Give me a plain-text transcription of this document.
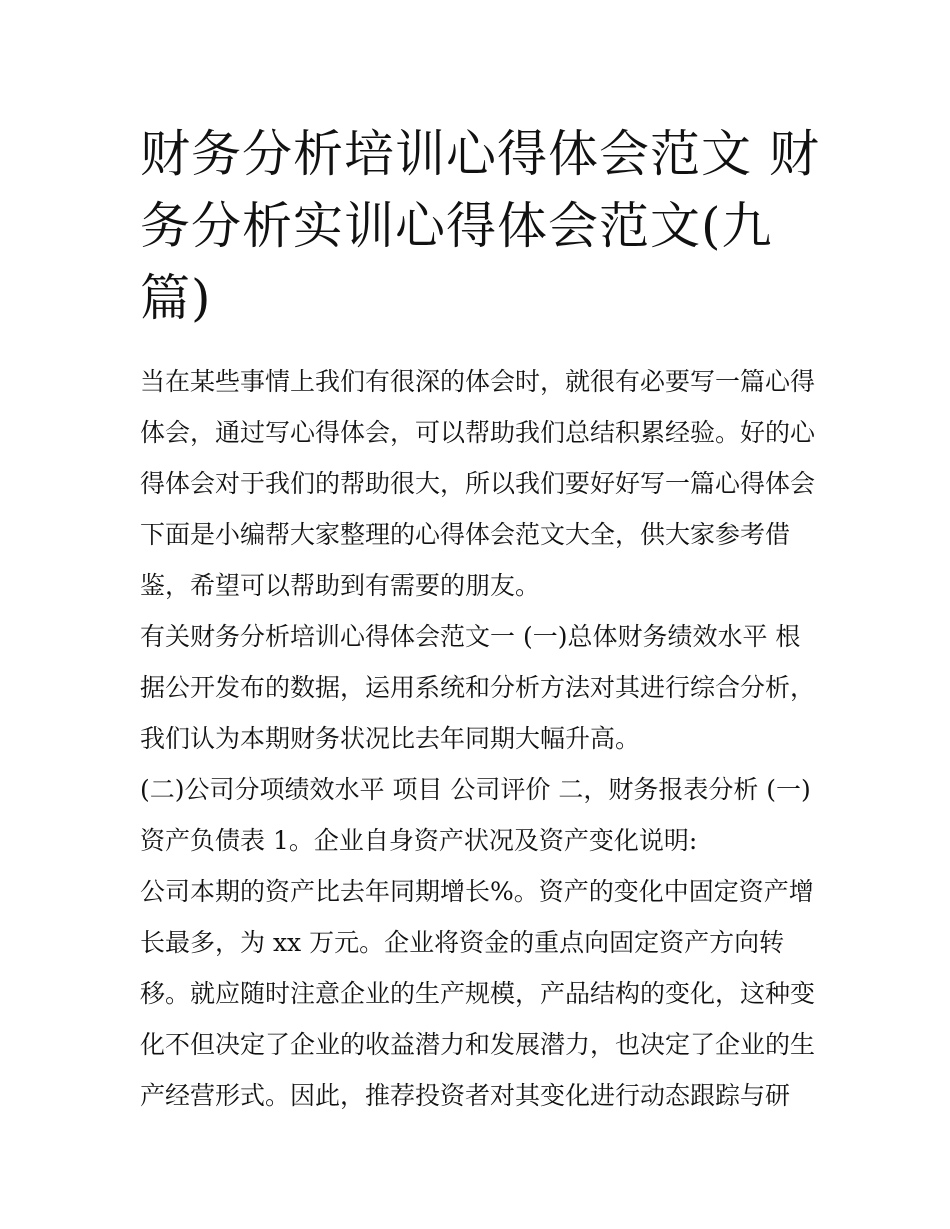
财务分析培训心得体会范文 财
务分析实训心得体会范文(九
篇)
当在某些事情上我们有很深的体会时，就很有必要写一篇心得
体会，通过写心得体会，可以帮助我们总结积累经验。好的心
得体会对于我们的帮助很大，所以我们要好好写一篇心得体会
下面是小编帮大家整理的心得体会范文大全，供大家参考借
鉴，希望可以帮助到有需要的朋友。
有关财务分析培训心得体会范文一 (一)总体财务绩效水平 根
据公开发布的数据，运用系统和分析方法对其进行综合分析，
我们认为本期财务状况比去年同期大幅升高。
(二)公司分项绩效水平 项目 公司评价 二，财务报表分析 (一)
资产负债表 1。企业自身资产状况及资产变化说明:
公司本期的资产比去年同期增长%。资产的变化中固定资产增
长最多，为 xx 万元。企业将资金的重点向固定资产方向转
移。就应随时注意企业的生产规模，产品结构的变化，这种变
化不但决定了企业的收益潜力和发展潜力，也决定了企业的生
产经营形式。因此，推荐投资者对其变化进行动态跟踪与研
